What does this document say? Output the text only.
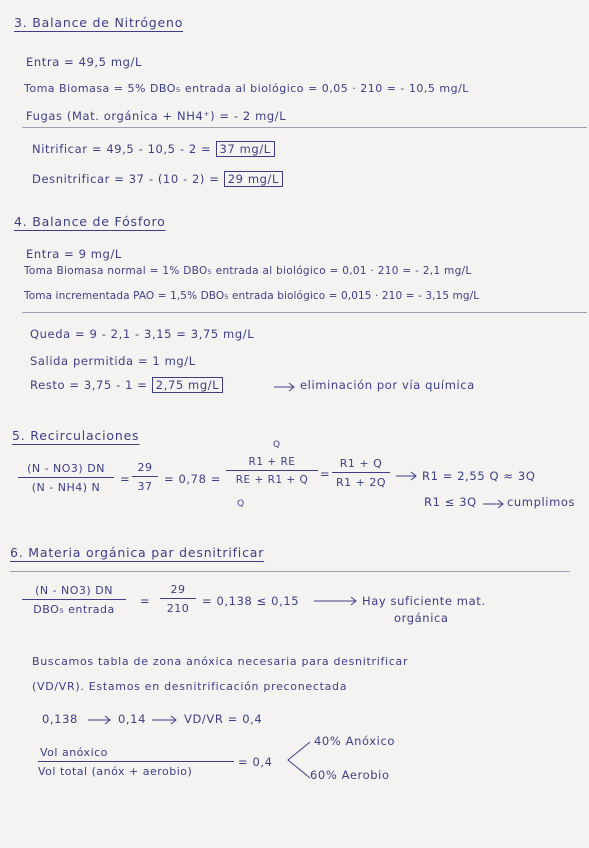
3. Balance de Nitrógeno
Entra = 49,5 mg/L
Toma Biomasa = 5% DBO₅ entrada al biológico = 0,05 · 210 = - 10,5 mg/L
Fugas (Mat. orgánica + NH4⁺) = - 2 mg/L
Nitrificar = 49,5 - 10,5 - 2 = 37 mg/L
Desnitrificar = 37 - (10 - 2) = 29 mg/L
4. Balance de Fósforo
Entra = 9 mg/L
Toma Biomasa normal = 1% DBO₅ entrada al biológico = 0,01 · 210 = - 2,1 mg/L
Toma incrementada PAO = 1,5% DBO₅ entrada biológico = 0,015 · 210 = - 3,15 mg/L
Queda = 9 - 2,1 - 3,15 = 3,75 mg/L
Salida permitida = 1 mg/L
Resto = 3,75 - 1 = 2,75 mg/L	eliminación por vía química
5. Recirculaciones
$\frac{(N - NO3) DN}{(N - NH4) N} = \frac{29}{37} = 0,78$ =
Q
$\frac{R1 + RE}{RE + R1 + Q}$
Q
= $\frac{R1 + Q}{R1 + 2Q}$	R1 = 2,55 Q ≈ 3Q
R1 ≤ 3Q	cumplimos
6. Materia orgánica par desnitrificar
(N - NO3) DN
DBO₅ entrada
= $\frac{29}{210} = 0,138 \le 0,15$	Hay suficiente mat.
orgánica
Buscamos tabla de zona anóxica necesaria para desnitrificar
(VD/VR). Estamos en desnitrificación preconectada
0,138	0,14	VD/VR = 0,4
Vol anóxico
Vol total (anóx + aerobio)
= 0,4
40% Anóxico
60% Aerobio
